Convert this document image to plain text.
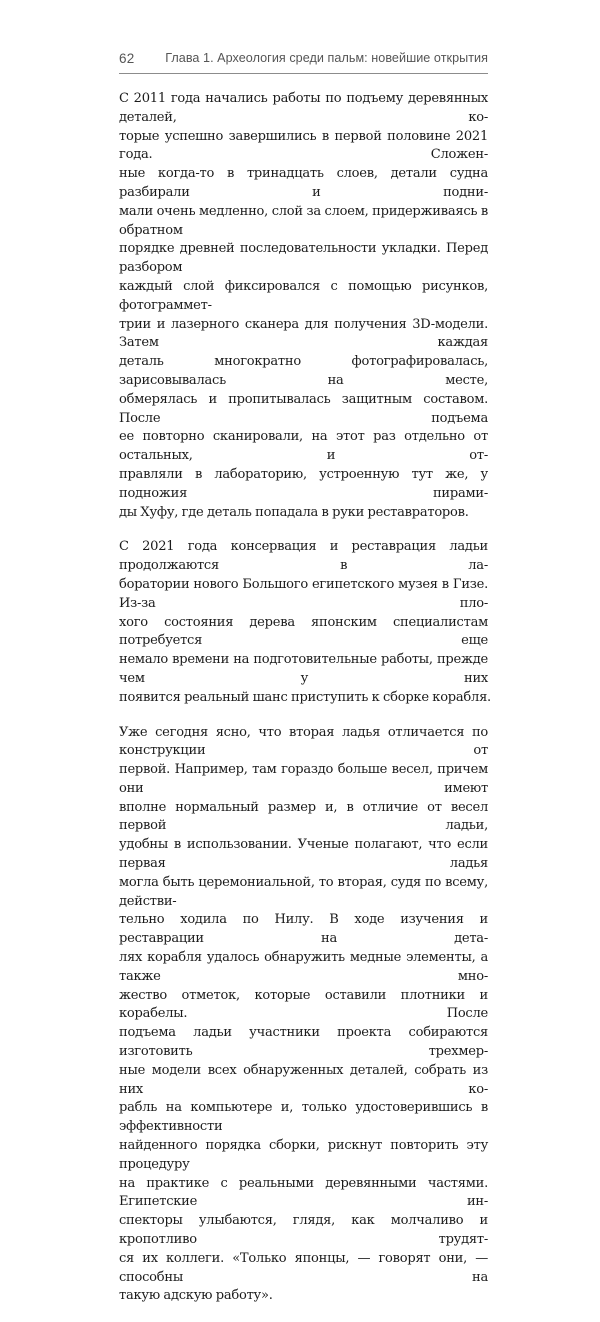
62 Глава 1. Археология среди пальм: новейшие открытия
С 2011 года начались работы по подъему деревянных деталей, ко-
торые успешно завершились в первой половине 2021 года. Сложен-
ные когда-то в тринадцать слоев, детали судна разбирали и подни-
мали очень медленно, слой за слоем, придерживаясь в обратном
порядке древней последовательности укладки. Перед разбором
каждый слой фиксировался с помощью рисунков, фотограммет-
трии и лазерного сканера для получения 3D-модели. Затем каждая
деталь многократно фотографировалась, зарисовывалась на месте,
обмерялась и пропитывалась защитным составом. После подъема
ее повторно сканировали, на этот раз отдельно от остальных, и от-
правляли в лабораторию, устроенную тут же, у подножия пирами-
ды Хуфу, где деталь попадала в руки реставраторов.
С 2021 года консервация и реставрация ладьи продолжаются в ла-
боратории нового Большого египетского музея в Гизе. Из-за пло-
хого состояния дерева японским специалистам потребуется еще
немало времени на подготовительные работы, прежде чем у них
появится реальный шанс приступить к сборке корабля.
Уже сегодня ясно, что вторая ладья отличается по конструкции от
первой. Например, там гораздо больше весел, причем они имеют
вполне нормальный размер и, в отличие от весел первой ладьи,
удобны в использовании. Ученые полагают, что если первая ладья
могла быть церемониальной, то вторая, судя по всему, действи-
тельно ходила по Нилу. В ходе изучения и реставрации на дета-
лях корабля удалось обнаружить медные элементы, а также мно-
жество отметок, которые оставили плотники и корабелы. После
подъема ладьи участники проекта собираются изготовить трехмер-
ные модели всех обнаруженных деталей, собрать из них ко-
рабль на компьютере и, только удостоверившись в эффективности
найденного порядка сборки, рискнут повторить эту процедуру
на практике с реальными деревянными частями. Египетские ин-
спекторы улыбаются, глядя, как молчаливо и кропотливо трудят-
ся их коллеги. «Только японцы, — говорят они, — способны на
такую адскую работу».
